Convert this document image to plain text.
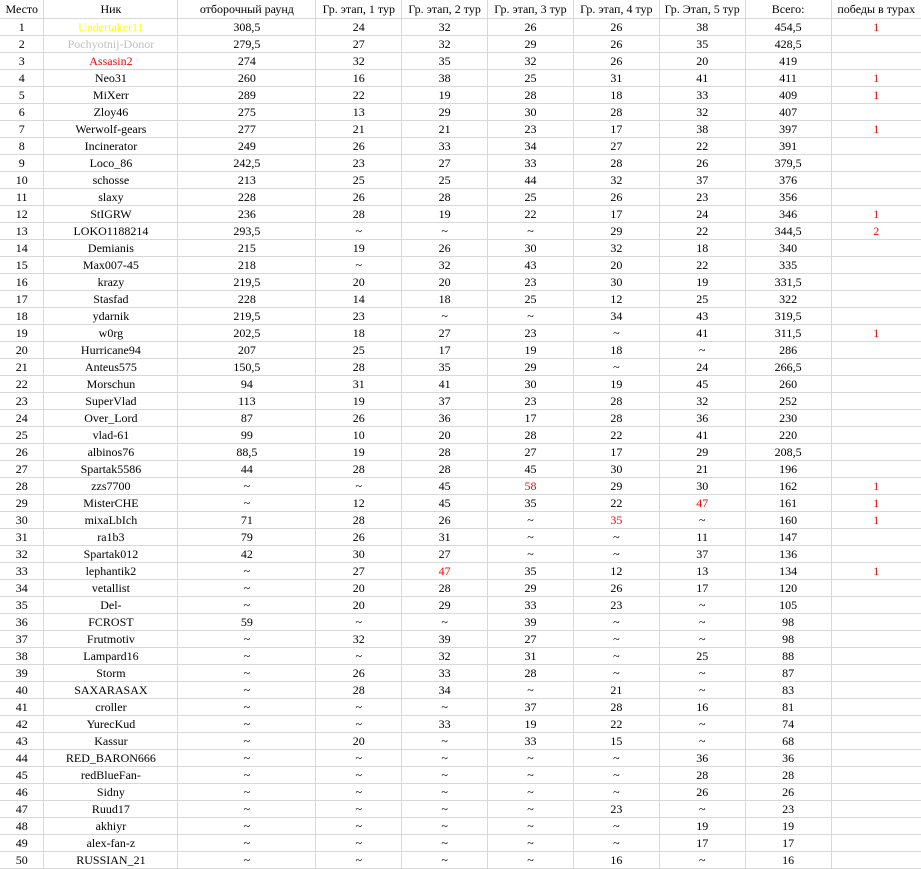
Место	Ник	отборочный раунд	Гр. этап, 1 тур	Гр. этап, 2 тур	Гр. этап, 3 тур	Гр. этап, 4 тур	Гр. Этап, 5 тур	Всего:	победы в турах
1	Undertaker11	308,5	24	32	26	26	38	454,5	1
2	Pochyotnij-Donor	279,5	27	32	29	26	35	428,5	
3	Assasin2	274	32	35	32	26	20	419	
4	Neo31	260	16	38	25	31	41	411	1
5	MiXerr	289	22	19	28	18	33	409	1
6	Zloy46	275	13	29	30	28	32	407	
7	Werwolf-gears	277	21	21	23	17	38	397	1
8	Incinerator	249	26	33	34	27	22	391	
9	Loco_86	242,5	23	27	33	28	26	379,5	
10	schosse	213	25	25	44	32	37	376	
11	slaxy	228	26	28	25	26	23	356	
12	StIGRW	236	28	19	22	17	24	346	1
13	LOKO1188214	293,5	~	~	~	29	22	344,5	2
14	Demianis	215	19	26	30	32	18	340	
15	Max007-45	218	~	32	43	20	22	335	
16	krazy	219,5	20	20	23	30	19	331,5	
17	Stasfad	228	14	18	25	12	25	322	
18	ydarnik	219,5	23	~	~	34	43	319,5	
19	w0rg	202,5	18	27	23	~	41	311,5	1
20	Hurricane94	207	25	17	19	18	~	286	
21	Anteus575	150,5	28	35	29	~	24	266,5	
22	Morschun	94	31	41	30	19	45	260	
23	SuperVlad	113	19	37	23	28	32	252	
24	Over_Lord	87	26	36	17	28	36	230	
25	vlad-61	99	10	20	28	22	41	220	
26	albinos76	88,5	19	28	27	17	29	208,5	
27	Spartak5586	44	28	28	45	30	21	196	
28	zzs7700	~	~	45	58	29	30	162	1
29	MisterCHE	~	12	45	35	22	47	161	1
30	mixaLbIch	71	28	26	~	35	~	160	1
31	ra1b3	79	26	31	~	~	11	147	
32	Spartak012	42	30	27	~	~	37	136	
33	lephantik2	~	27	47	35	12	13	134	1
34	vetallist	~	20	28	29	26	17	120	
35	Del-	~	20	29	33	23	~	105	
36	FCROST	59	~	~	39	~	~	98	
37	Frutmotiv	~	32	39	27	~	~	98	
38	Lampard16	~	~	32	31	~	25	88	
39	Storm	~	26	33	28	~	~	87	
40	SAXARASAX	~	28	34	~	21	~	83	
41	croller	~	~	~	37	28	16	81	
42	YurecKud	~	~	33	19	22	~	74	
43	Kassur	~	20	~	33	15	~	68	
44	RED_BARON666	~	~	~	~	~	36	36	
45	redBlueFan-	~	~	~	~	~	28	28	
46	Sidny	~	~	~	~	~	26	26	
47	Ruud17	~	~	~	~	23	~	23	
48	akhiyr	~	~	~	~	~	19	19	
49	alex-fan-z	~	~	~	~	~	17	17	
50	RUSSIAN_21	~	~	~	~	16	~	16	
